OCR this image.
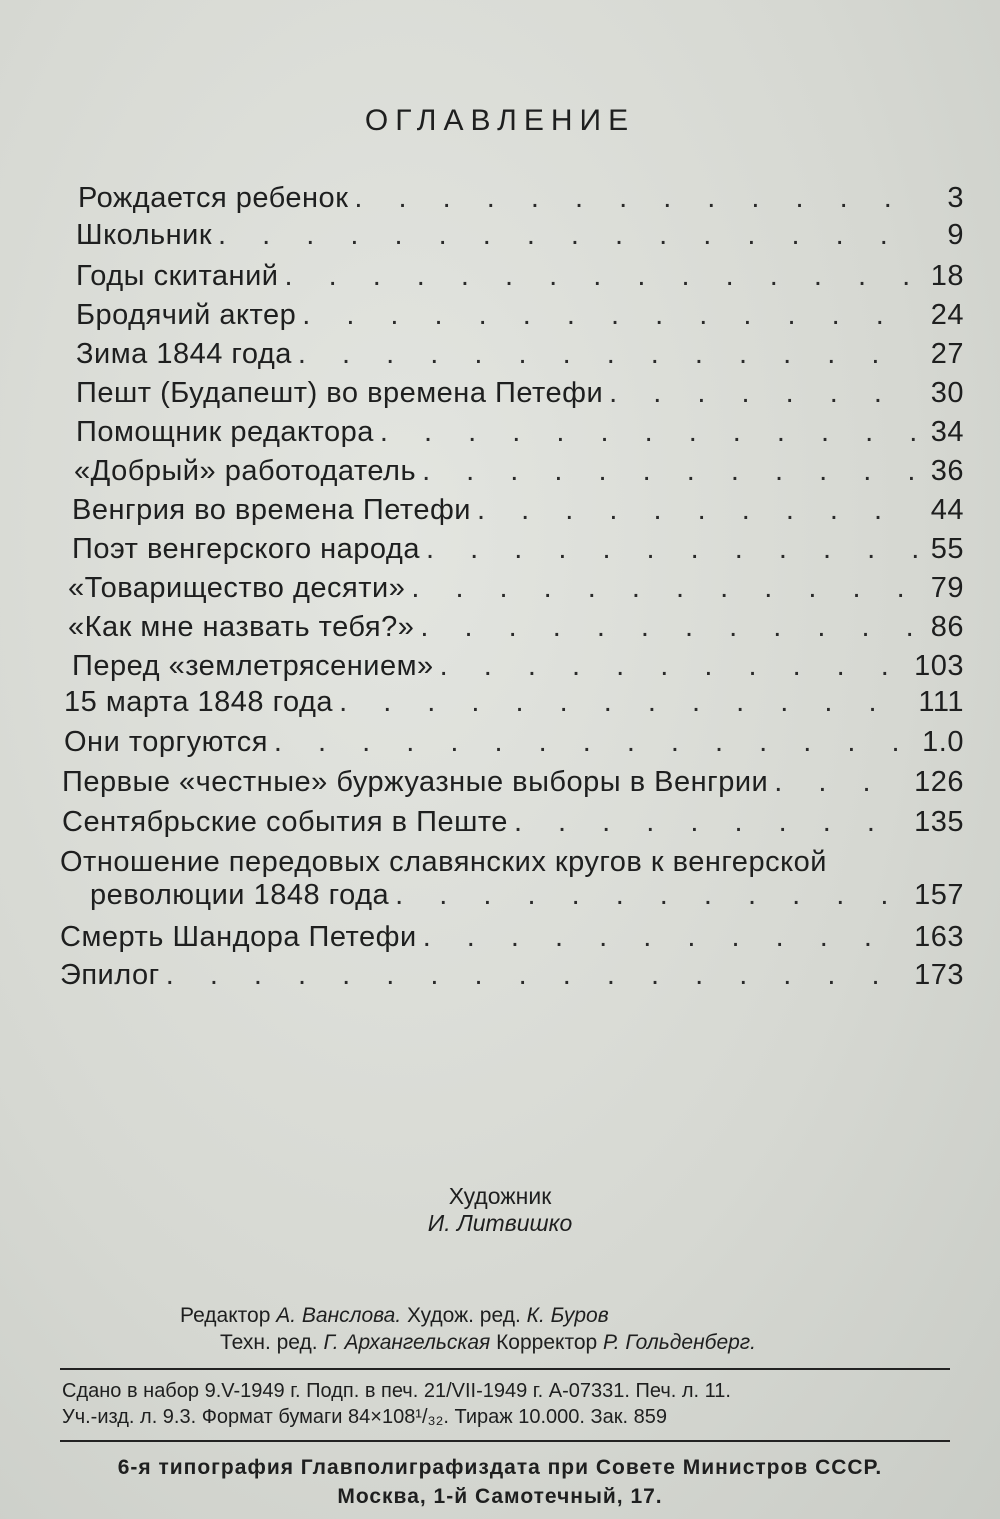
ОГЛАВЛЕНИЕ
Рождается ребенок . . .	3
Школьник . . .	9
Годы скитаний . . .	18
Бродячий актер . . .	24
Зима 1844 года . . .	27
Пешт (Будапешт) во времена Петефи . . .	30
Помощник редактора . . .	34
«Добрый» работодатель . . .	36
Венгрия во времена Петефи . . .	44
Поэт венгерского народа . . .	55
«Товарищество десяти» . . .	79
«Как мне назвать тебя?» . . .	86
Перед «землетрясением» . . .	103
15 марта 1848 года . . .	111
Они торгуются . . .	1.0
Первые «честные» буржуазные выборы в Венгрии . . .	126
Сентябрьские события в Пеште . . .	135
Отношение передовых славянских кругов к венгерской
революции 1848 года . . .	157
Смерть Шандора Петефи . . .	163
Эпилог . . .	173
Художник
И. Литвишко
Редактор А. Ванслова. Худож. ред. К. Буров
Техн. ред. Г. Архангельская Корректор Р. Гольденберг.
Сдано в набор 9.V-1949 г. Подп. в печ. 21/VII-1949 г. А-07331. Печ. л. 11.
Уч.-изд. л. 9.3. Формат бумаги 84×108¹/₃₂. Тираж 10.000. Зак. 859
6-я типография Главполиграфиздата при Совете Министров СССР.
Москва, 1-й Самотечный, 17.
